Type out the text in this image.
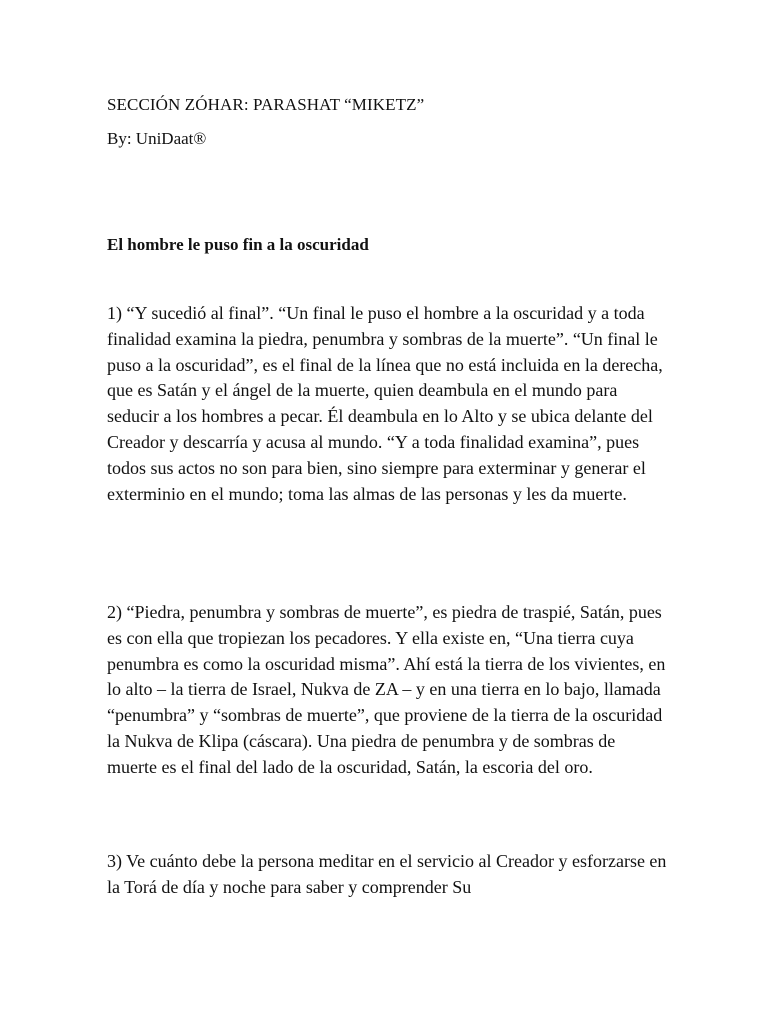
SECCIÓN ZÓHAR: PARASHAT “MIKETZ”

By: UniDaat®

El hombre le puso fin a la oscuridad

1) “Y sucedió al final”. “Un final le puso el hombre a la oscuridad y a toda finalidad examina la piedra, penumbra y sombras de la muerte”. “Un final le puso a la oscuridad”, es el final de la línea que no está incluida en la derecha, que es Satán y el ángel de la muerte, quien deambula en el mundo para seducir a los hombres a pecar. Él deambula en lo Alto y se ubica delante del Creador y descarría y acusa al mundo. “Y a toda finalidad examina”, pues todos sus actos no son para bien, sino siempre para exterminar y generar el exterminio en el mundo; toma las almas de las personas y les da muerte.

2) “Piedra, penumbra y sombras de muerte”, es piedra de traspié, Satán, pues es con ella que tropiezan los pecadores. Y ella existe en, “Una tierra cuya penumbra es como la oscuridad misma”. Ahí está la tierra de los vivientes, en lo alto – la tierra de Israel, Nukva de ZA – y en una tierra en lo bajo, llamada “penumbra” y “sombras de muerte”, que proviene de la tierra de la oscuridad la Nukva de Klipa (cáscara). Una piedra de penumbra y de sombras de muerte es el final del lado de la oscuridad, Satán, la escoria del oro.

3) Ve cuánto debe la persona meditar en el servicio al Creador y esforzarse en la Torá de día y noche para saber y comprender Su
